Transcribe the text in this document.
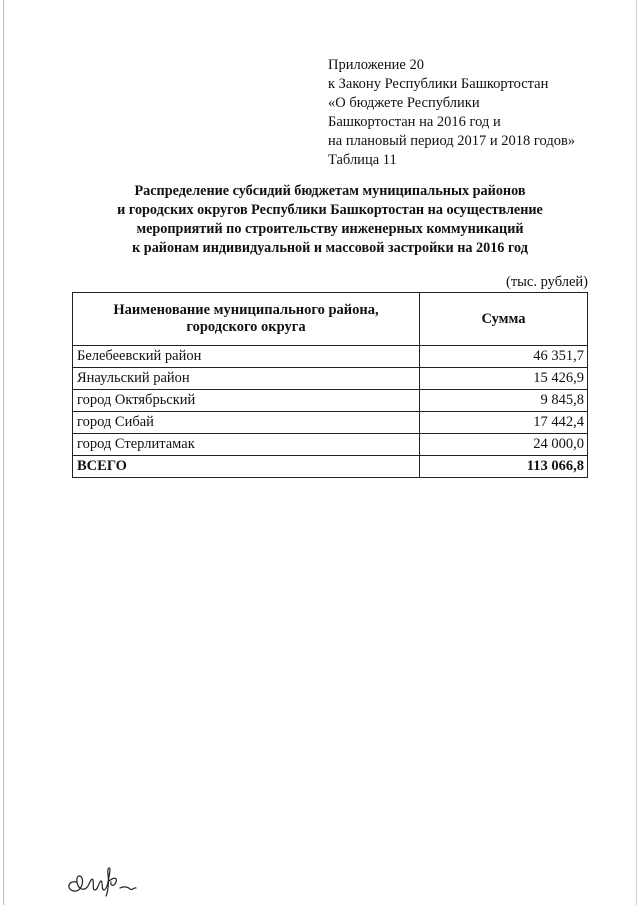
Приложение 20
к Закону Республики Башкортостан
«О бюджете Республики
Башкортостан на 2016 год и
на плановый период 2017 и 2018 годов»
Таблица 11
Распределение субсидий бюджетам муниципальных районов
и городских округов Республики Башкортостан на осуществление
мероприятий по строительству инженерных коммуникаций
к районам индивидуальной и массовой застройки на 2016 год
(тыс. рублей)
Наименование муниципального района,
городского округа	Сумма
Белебеевский район	46 351,7
Янаульский район	15 426,9
город Октябрьский	9 845,8
город Сибай	17 442,4
город Стерлитамак	24 000,0
ВСЕГО	113 066,8
